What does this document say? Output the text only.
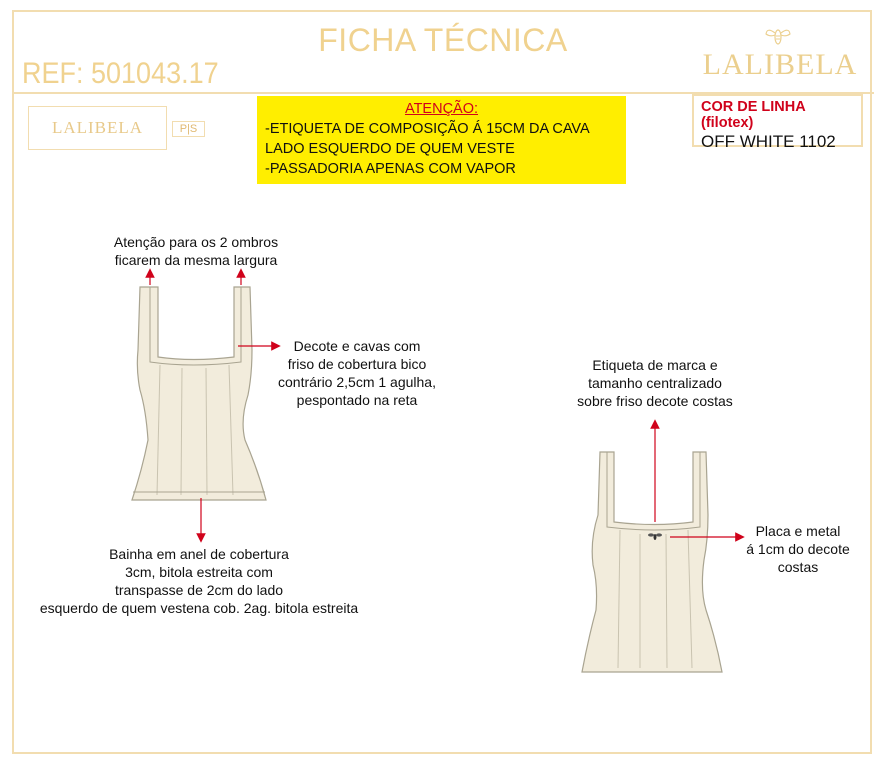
FICHA TÉCNICA
REF: 501043.17	LALIBELA
LALIBELA	P|S
ATENÇÃO:
-ETIQUETA DE COMPOSIÇÃO Á 15CM DA CAVA
LADO ESQUERDO DE QUEM VESTE
-PASSADORIA APENAS COM VAPOR
COR DE LINHA (filotex)
OFF WHITE 1102
Atenção para os 2 ombros
ficarem da mesma largura
Decote e cavas com
friso de cobertura bico
contrário 2,5cm 1 agulha,
pespontado na reta
Bainha em anel de cobertura
3cm, bitola estreita com
transpasse de 2cm do lado
esquerdo de quem vestena cob. 2ag. bitola estreita
Etiqueta de marca e
tamanho centralizado
sobre friso decote costas
Placa e metal
á 1cm do decote
costas
